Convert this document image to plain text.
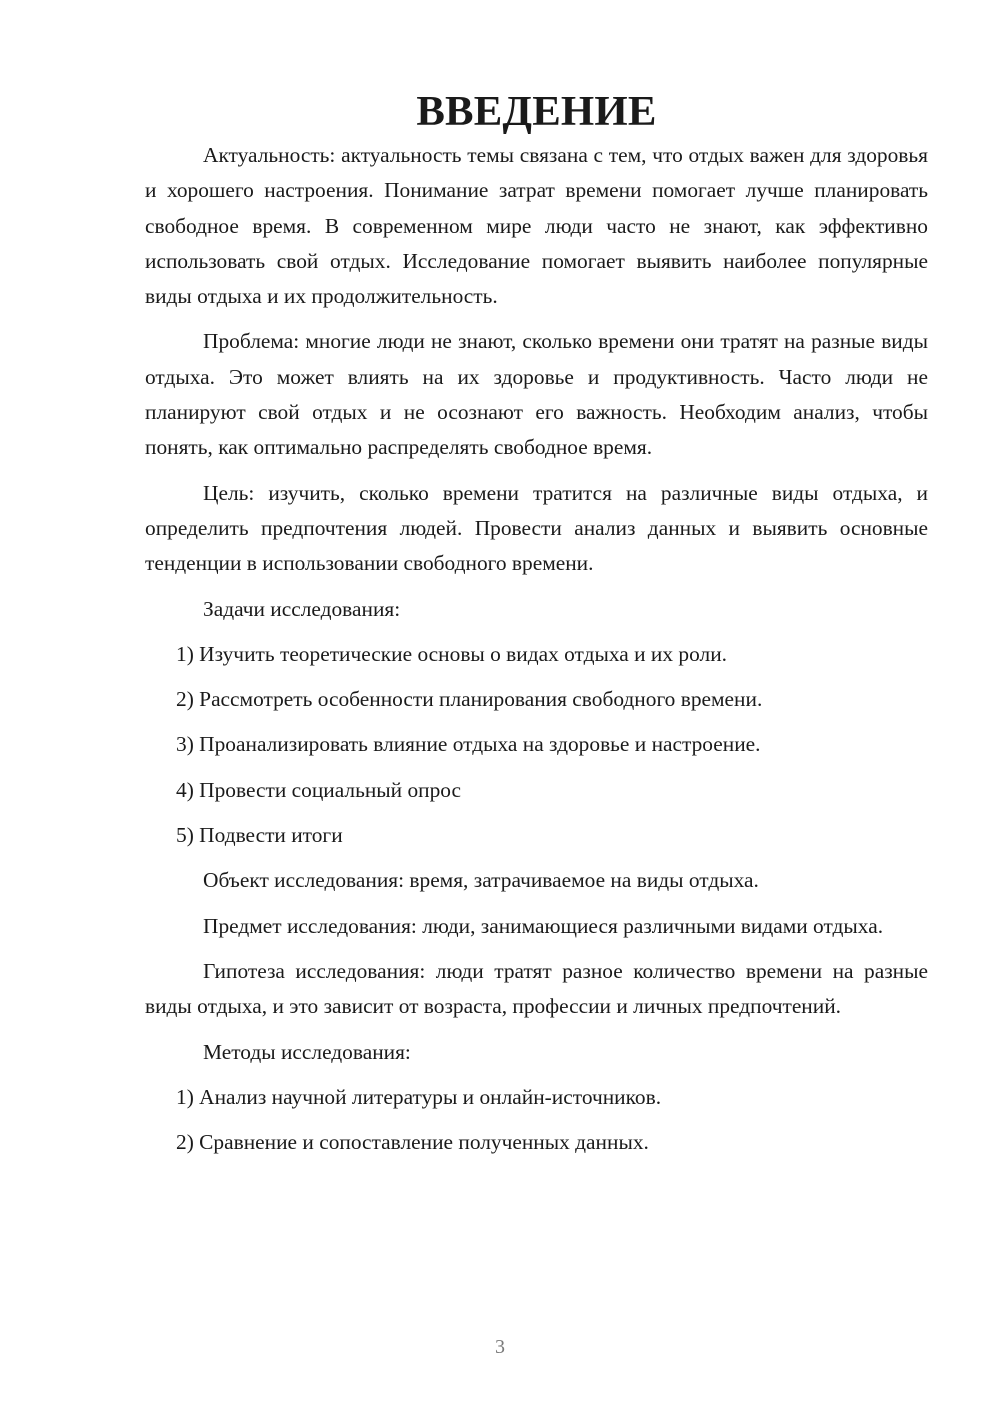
ВВЕДЕНИЕ

Актуальность: актуальность темы связана с тем, что отдых важен для здоровья и хорошего настроения. Понимание затрат времени помогает лучше планировать свободное время. В современном мире люди часто не знают, как эффективно использовать свой отдых. Исследование помогает выявить наиболее популярные виды отдыха и их продолжительность.

Проблема: многие люди не знают, сколько времени они тратят на разные виды отдыха. Это может влиять на их здоровье и продуктивность. Часто люди не планируют свой отдых и не осознают его важность. Необходим анализ, чтобы понять, как оптимально распределять свободное время.

Цель: изучить, сколько времени тратится на различные виды отдыха, и определить предпочтения людей. Провести анализ данных и выявить основные тенденции в использовании свободного времени.

Задачи исследования:

1) Изучить теоретические основы о видах отдыха и их роли.
2) Рассмотреть особенности планирования свободного времени.
3) Проанализировать влияние отдыха на здоровье и настроение.
4) Провести социальный опрос
5) Подвести итоги

Объект исследования: время, затрачиваемое на виды отдыха.

Предмет исследования: люди, занимающиеся различными видами отдыха.

Гипотеза исследования: люди тратят разное количество времени на разные виды отдыха, и это зависит от возраста, профессии и личных предпочтений.

Методы исследования:

1) Анализ научной литературы и онлайн-источников.
2) Сравнение и сопоставление полученных данных.
3
